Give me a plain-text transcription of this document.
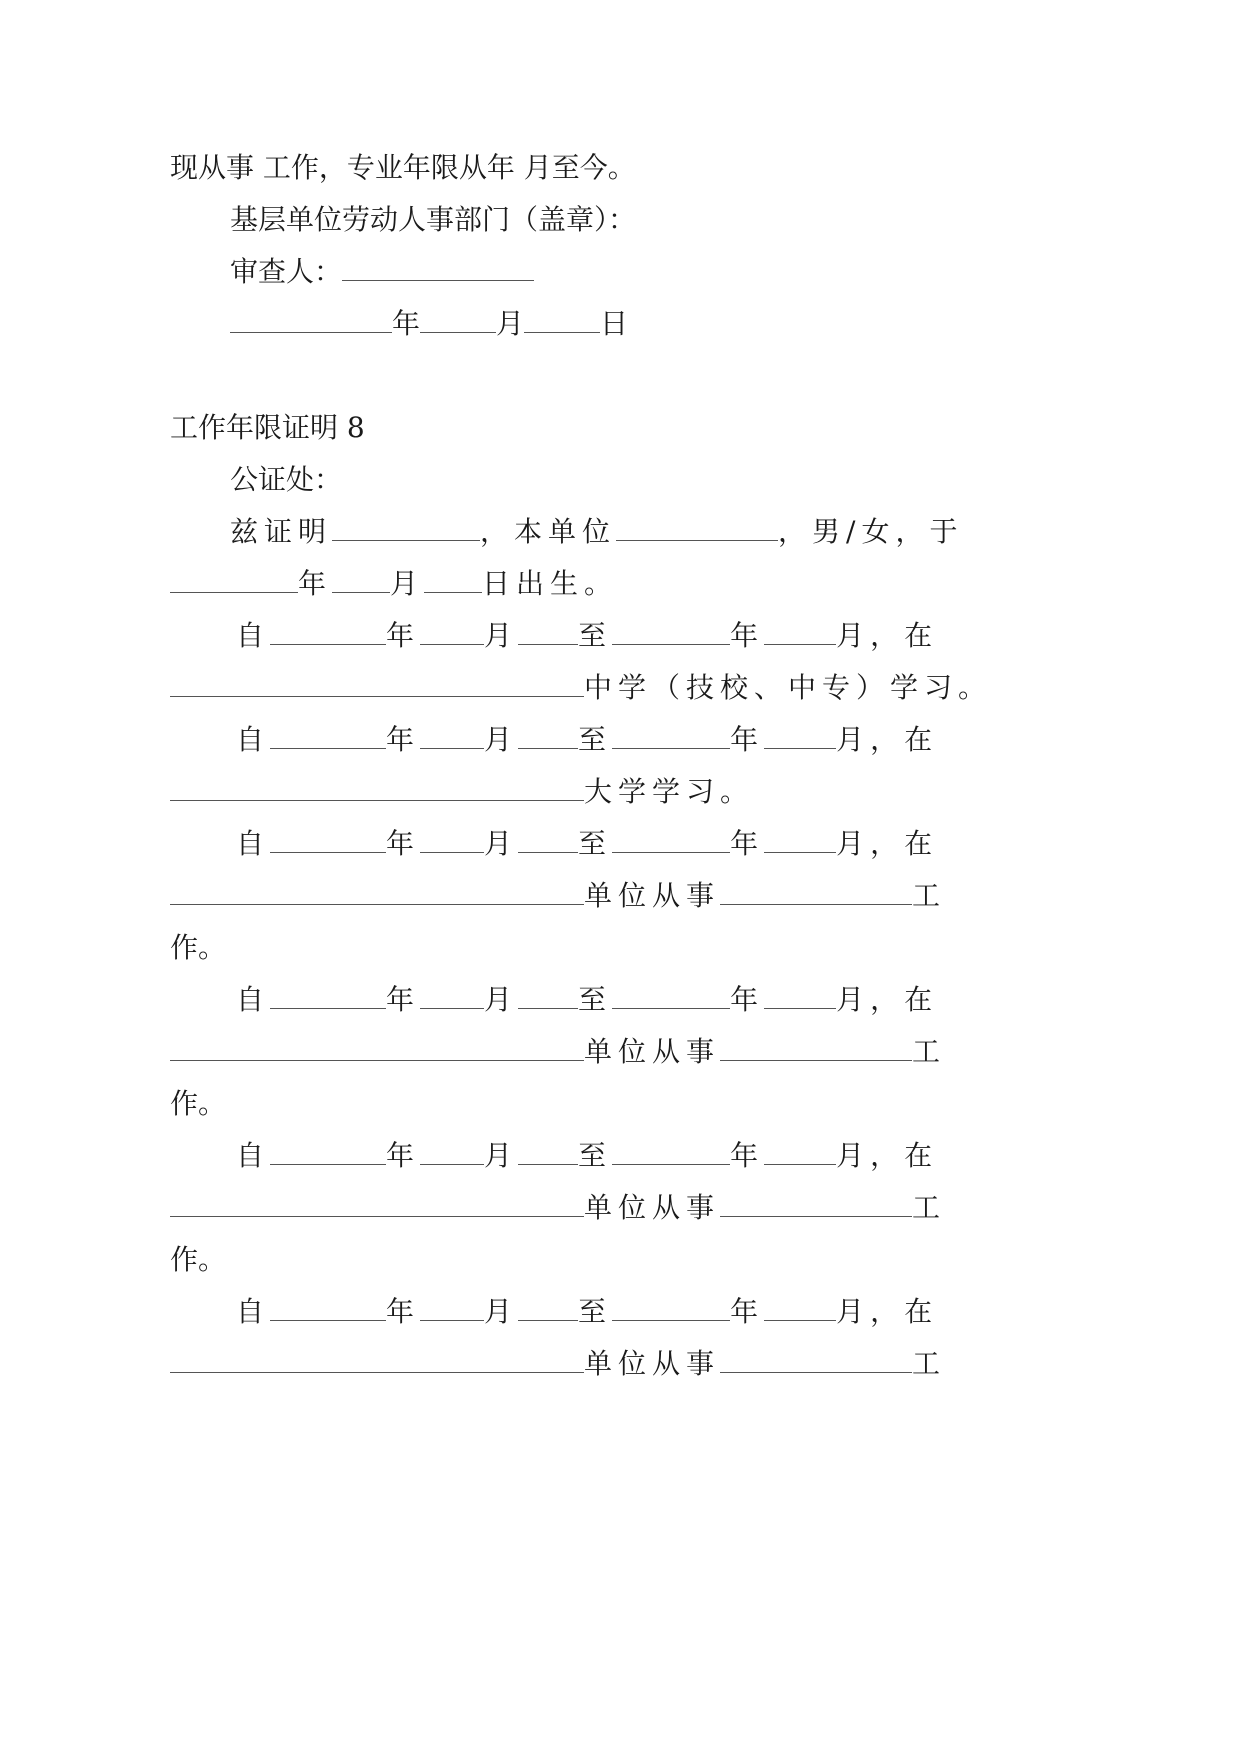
现从事 工作，专业年限从年 月至今。
基层单位劳动人事部门（盖章）：
审查人：
年	月	日
工作年限证明 8
公证处：
兹证明	，本单位	，男/女，于
年 月 日出生。
自	年 月 至	年	月，在
中学（技校、中专）学习。
自	年 月 至	年	月，在
大学学习。
自	年 月 至	年	月，在
单位从事	工
作。
自	年 月 至	年	月，在
单位从事	工
作。
自	年 月 至	年	月，在
单位从事	工
作。
自	年 月 至	年	月，在
单位从事	工
